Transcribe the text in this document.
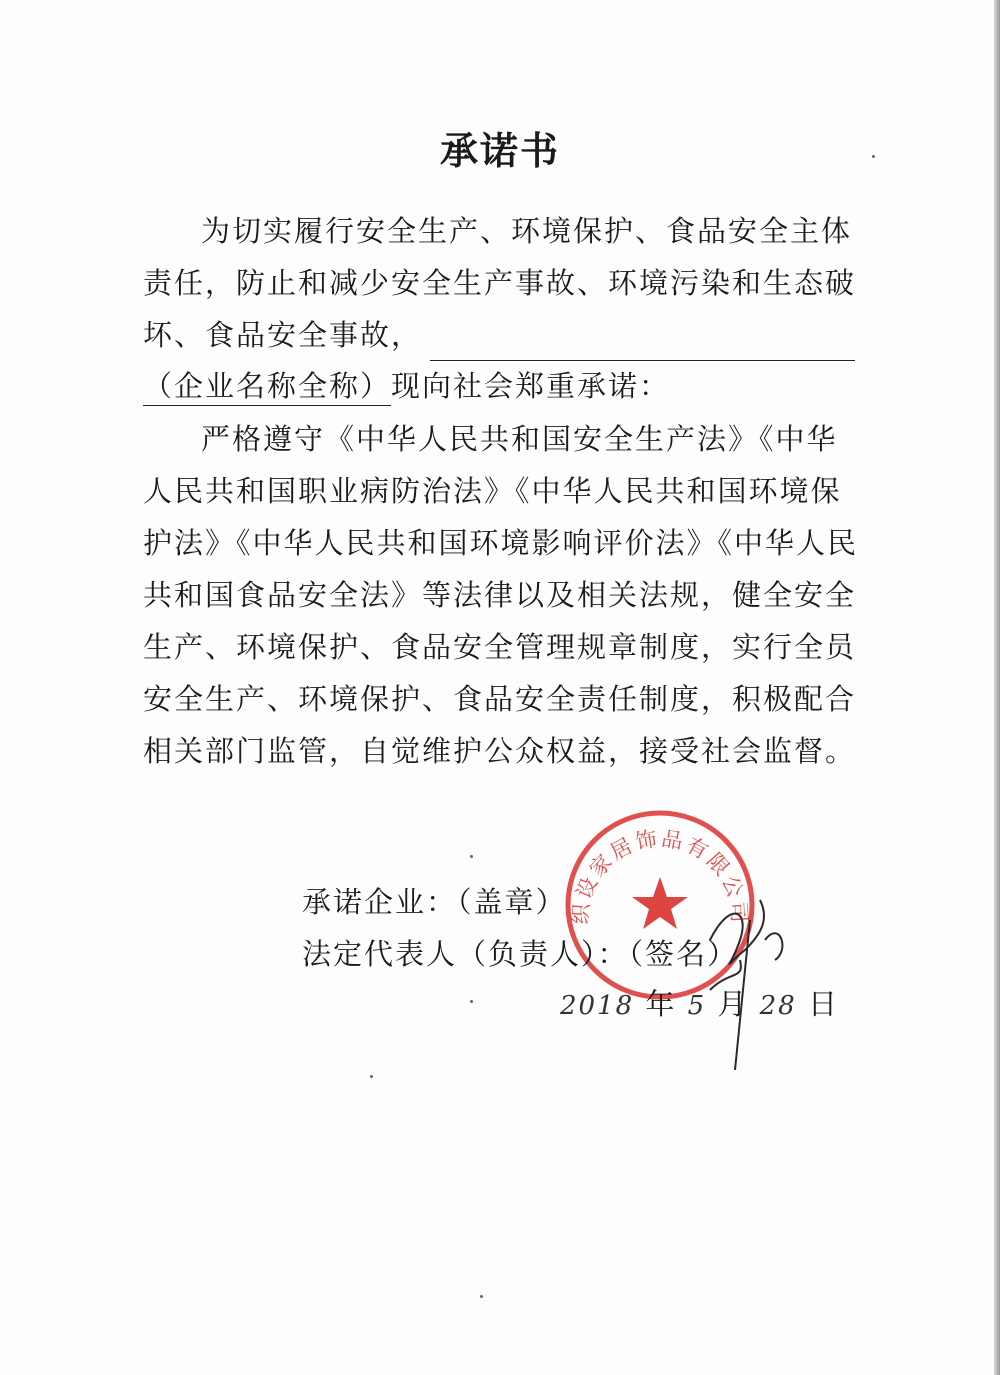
承诺书
为切实履行安全生产、环境保护、食品安全主体
责任，防止和减少安全生产事故、环境污染和生态破
坏、食品安全事故，
（企业名称全称）现向社会郑重承诺：
严格遵守《中华人民共和国安全生产法》《中华
人民共和国职业病防治法》《中华人民共和国环境保
护法》《中华人民共和国环境影响评价法》《中华人民
共和国食品安全法》等法律以及相关法规，健全安全
生产、环境保护、食品安全管理规章制度，实行全员
安全生产、环境保护、食品安全责任制度，积极配合
相关部门监管，自觉维护公众权益，接受社会监督。
织设家居饰品有限公司
承诺企业：（盖章）
法定代表人（负责人）：（签名）
2018 年 5 月 28 日
